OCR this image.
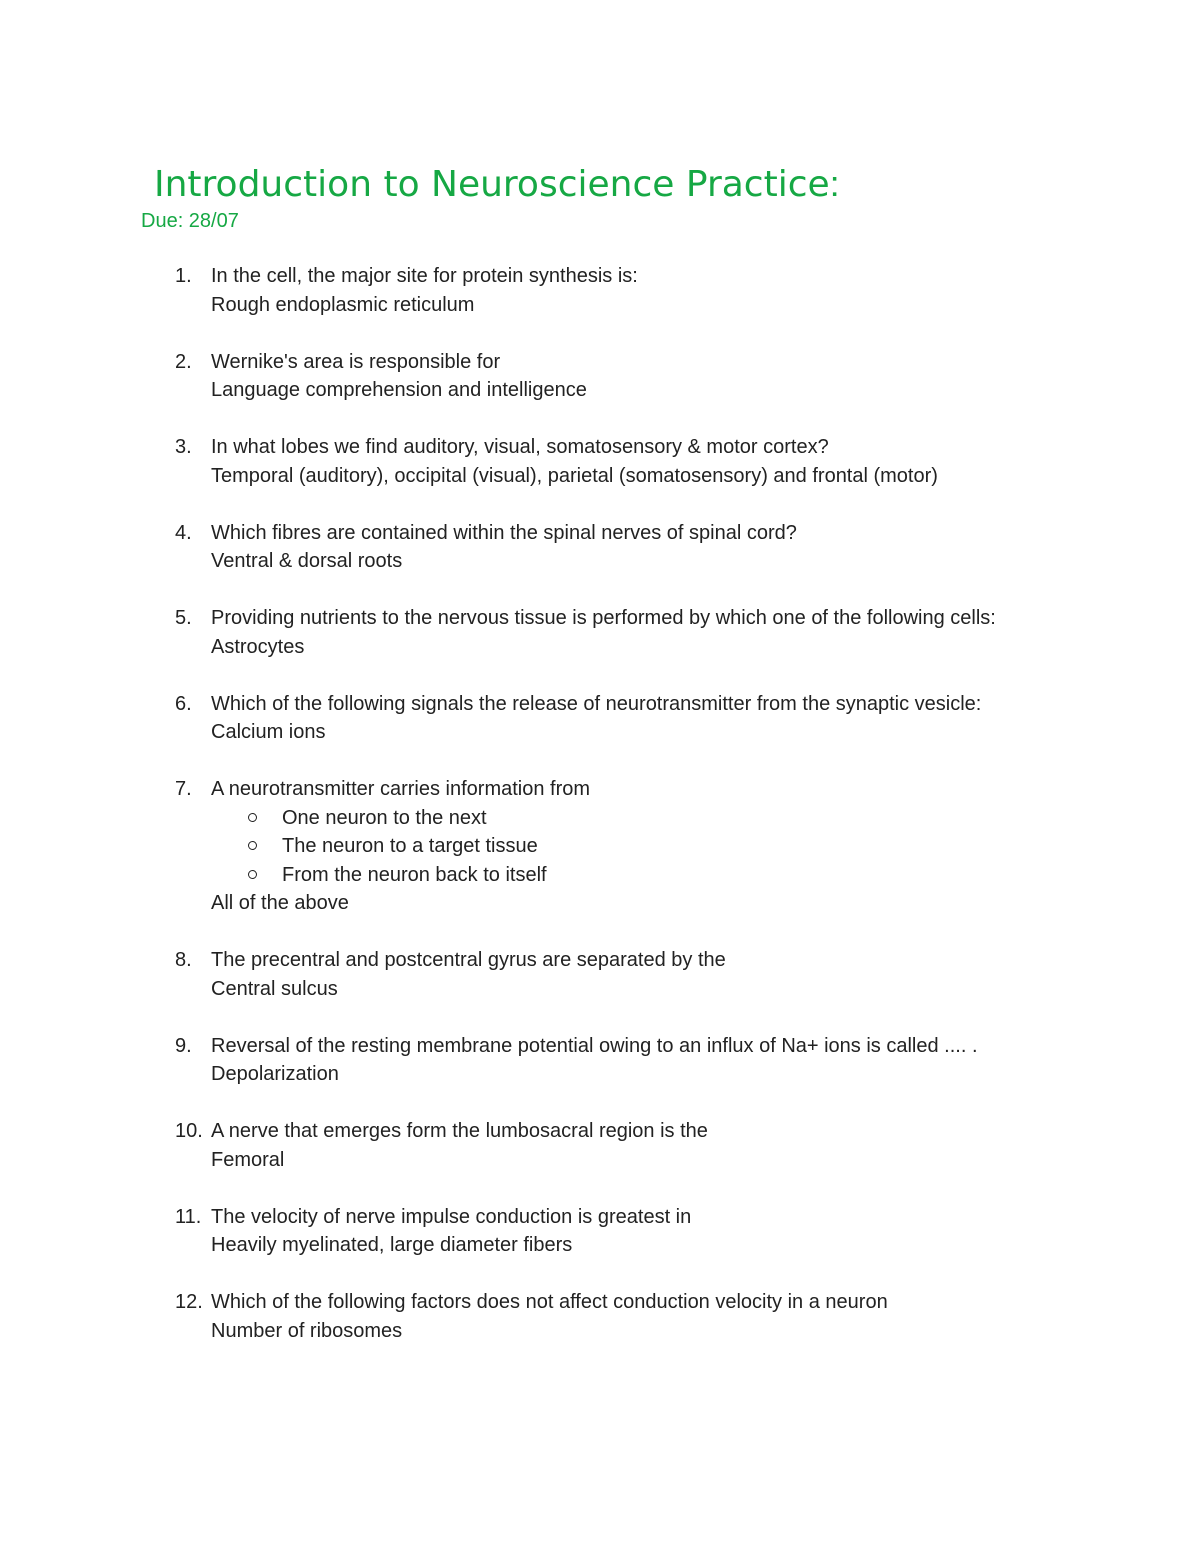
Introduction to Neuroscience Practice:
Due: 28/07
1. In the cell, the major site for protein synthesis is:
Rough endoplasmic reticulum
2. Wernike's area is responsible for
Language comprehension and intelligence
3. In what lobes we find auditory, visual, somatosensory & motor cortex?
Temporal (auditory), occipital (visual), parietal (somatosensory) and frontal (motor)
4. Which fibres are contained within the spinal nerves of spinal cord?
Ventral & dorsal roots
5. Providing nutrients to the nervous tissue is performed by which one of the following cells:
Astrocytes
6. Which of the following signals the release of neurotransmitter from the synaptic vesicle:
Calcium ions
7. A neurotransmitter carries information from
One neuron to the next
The neuron to a target tissue
From the neuron back to itself
All of the above
8. The precentral and postcentral gyrus are separated by the
Central sulcus
9. Reversal of the resting membrane potential owing to an influx of Na+ ions is called .... .
Depolarization
10. A nerve that emerges form the lumbosacral region is the
Femoral
11. The velocity of nerve impulse conduction is greatest in
Heavily myelinated, large diameter fibers
12. Which of the following factors does not affect conduction velocity in a neuron
Number of ribosomes
